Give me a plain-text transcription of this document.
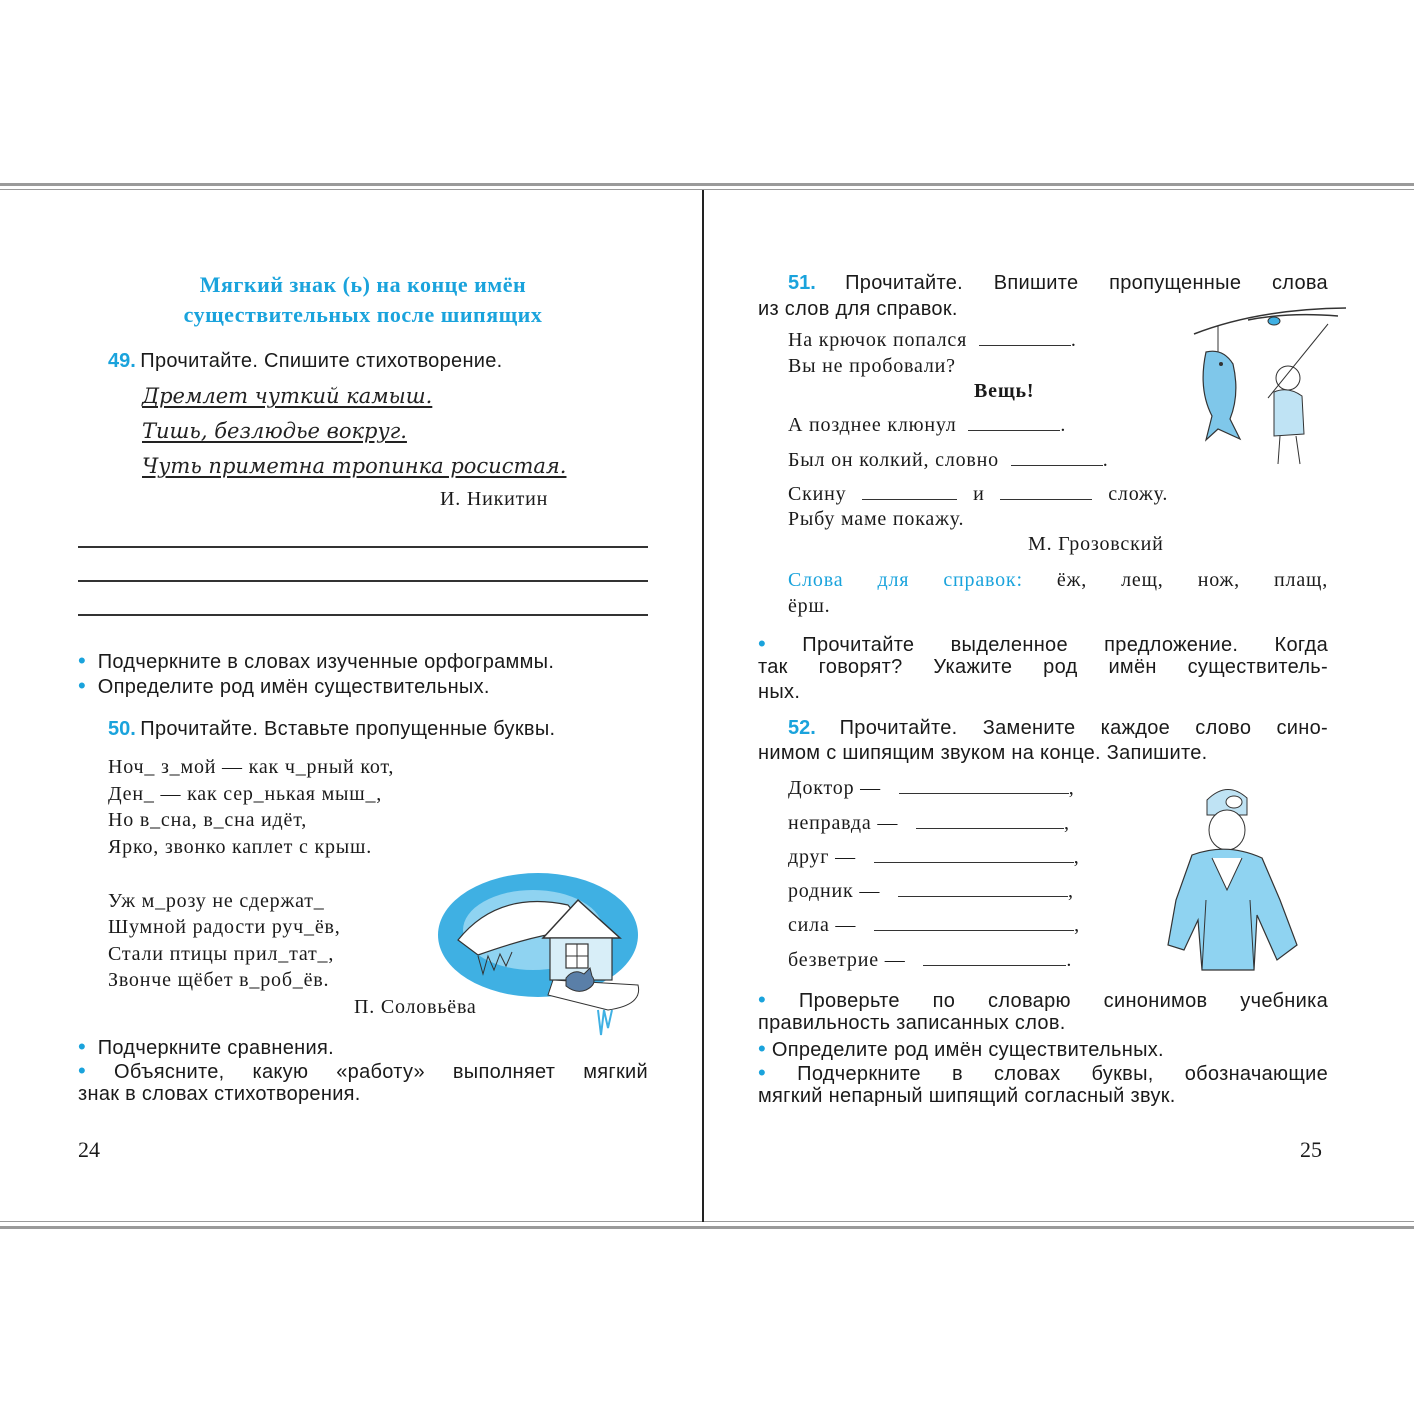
Мягкий знак (ь) на конце имён
существительных после шипящих
49. Прочитайте. Спишите стихотворение.
Дремлет чуткий камыш.
Тишь, безлюдье вокруг.
Чуть приметна тропинка росистая.
И. Никитин
• Подчеркните в словах изученные орфограммы.
• Определите род имён существительных.
50. Прочитайте. Вставьте пропущенные буквы.
Ноч_ з_мой — как ч_рный кот,
Ден_ — как сер_нькая мыш_,
Но в_сна, в_сна идёт,
Ярко, звонко каплет с крыш.
Уж м_розу не сдержат_
Шумной радости руч_ёв,
Стали птицы прил_тат_,
Звонче щёбет в_роб_ёв.
П. Соловьёва
• Подчеркните сравнения.
• Объясните, какую «работу» выполняет мягкий
знак в словах стихотворения.
24
51. Прочитайте. Впишите пропущенные слова
из слов для справок.
На крючок попался	.
Вы не пробовали?
Вещь!
А позднее клюнул	.
Был он колкий, словно	.
Скину	и	сложу.
Рыбу маме покажу.
М. Грозовский
Слова для справок: ёж, лещ, нож, плащ,
ёрш.
• Прочитайте выделенное предложение. Когда
так говорят? Укажите род имён существитель-
ных.
52. Прочитайте. Замените каждое слово сино-
нимом с шипящим звуком на конце. Запишите.
Доктор —	,
неправда —	,
друг —	,
родник —	,
сила —	,
безветрие —	.
• Проверьте по словарю синонимов учебника
правильность записанных слов.
• Определите род имён существительных.
• Подчеркните в словах буквы, обозначающие
мягкий непарный шипящий согласный звук.
25
